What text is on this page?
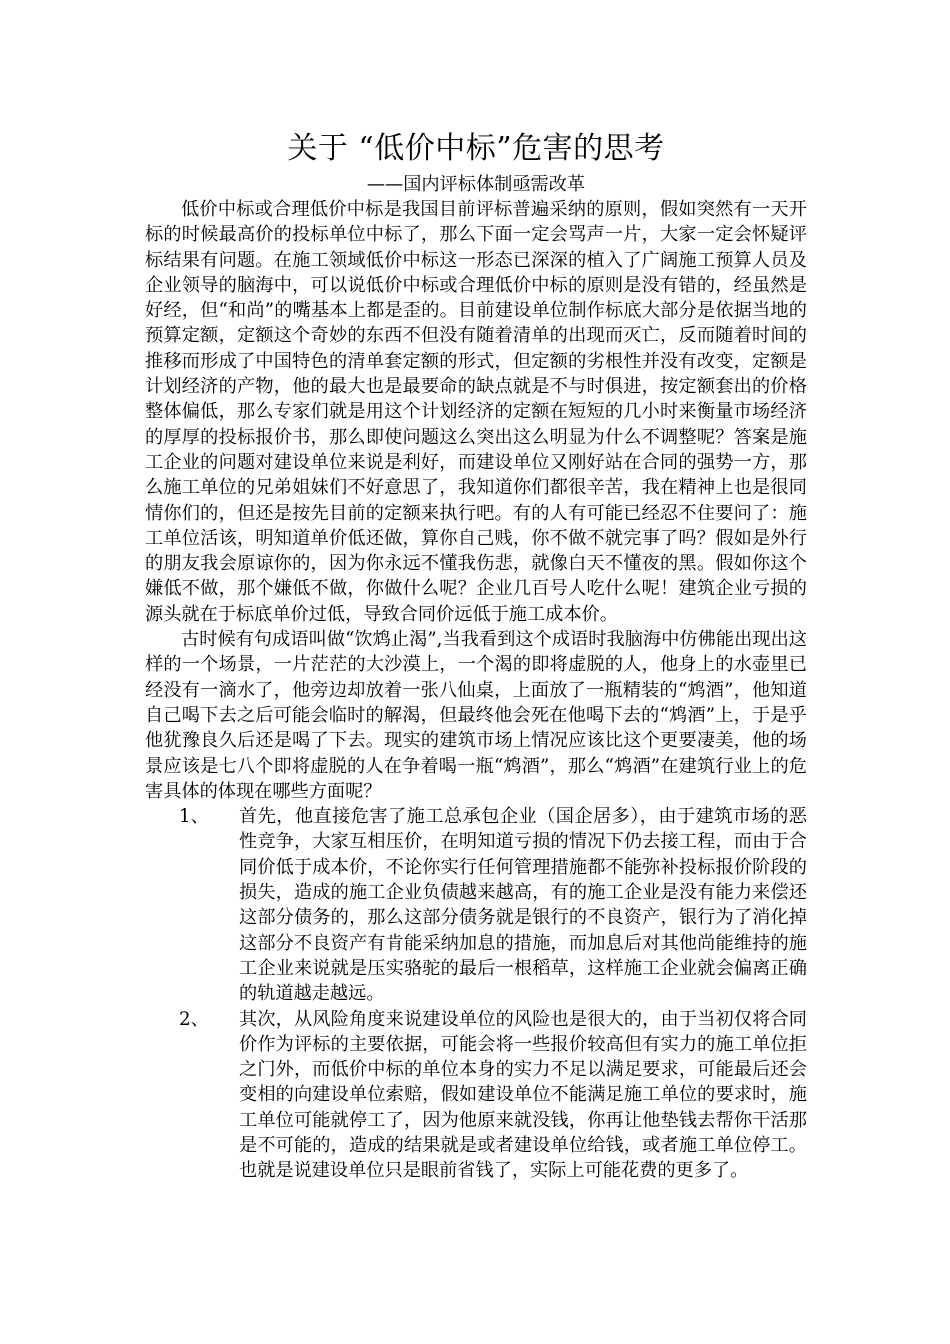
关于 “低价中标”危害的思考
——国内评标体制亟需改革

低价中标或合理低价中标是我国目前评标普遍采纳的原则，假如突然有一天开标的时候最高价的投标单位中标了，那么下面一定会骂声一片，大家一定会怀疑评标结果有问题。在施工领域低价中标这一形态已深深的植入了广阔施工预算人员及企业领导的脑海中，可以说低价中标或合理低价中标的原则是没有错的，经虽然是好经，但“和尚”的嘴基本上都是歪的。目前建设单位制作标底大部分是依据当地的预算定额，定额这个奇妙的东西不但没有随着清单的出现而灭亡，反而随着时间的推移而形成了中国特色的清单套定额的形式，但定额的劣根性并没有改变，定额是计划经济的产物，他的最大也是最要命的缺点就是不与时俱进，按定额套出的价格整体偏低，那么专家们就是用这个计划经济的定额在短短的几小时来衡量市场经济的厚厚的投标报价书，那么即使问题这么突出这么明显为什么不调整呢？答案是施工企业的问题对建设单位来说是利好，而建设单位又刚好站在合同的强势一方，那么施工单位的兄弟姐妹们不好意思了，我知道你们都很辛苦，我在精神上也是很同情你们的，但还是按先目前的定额来执行吧。有的人有可能已经忍不住要问了：施工单位活该，明知道单价低还做，算你自己贱，你不做不就完事了吗？假如是外行的朋友我会原谅你的，因为你永远不懂我伤悲，就像白天不懂夜的黑。假如你这个嫌低不做，那个嫌低不做，你做什么呢？企业几百号人吃什么呢！建筑企业亏损的源头就在于标底单价过低，导致合同价远低于施工成本价。

古时候有句成语叫做“饮鸩止渴”,当我看到这个成语时我脑海中仿佛能出现出这样的一个场景，一片茫茫的大沙漠上，一个渴的即将虚脱的人，他身上的水壶里已经没有一滴水了，他旁边却放着一张八仙桌，上面放了一瓶精装的“鸩酒”，他知道自己喝下去之后可能会临时的解渴，但最终他会死在他喝下去的“鸩酒”上，于是乎他犹豫良久后还是喝了下去。现实的建筑市场上情况应该比这个更要凄美，他的场景应该是七八个即将虚脱的人在争着喝一瓶“鸩酒”，那么“鸩酒”在建筑行业上的危害具体的体现在哪些方面呢？

1、	首先，他直接危害了施工总承包企业（国企居多），由于建筑市场的恶性竞争，大家互相压价，在明知道亏损的情况下仍去接工程，而由于合同价低于成本价，不论你实行任何管理措施都不能弥补投标报价阶段的损失，造成的施工企业负债越来越高，有的施工企业是没有能力来偿还这部分债务的，那么这部分债务就是银行的不良资产，银行为了消化掉这部分不良资产有肯能采纳加息的措施，而加息后对其他尚能维持的施工企业来说就是压实骆驼的最后一根稻草，这样施工企业就会偏离正确的轨道越走越远。
2、	其次，从风险角度来说建设单位的风险也是很大的，由于当初仅将合同价作为评标的主要依据，可能会将一些报价较高但有实力的施工单位拒之门外，而低价中标的单位本身的实力不足以满足要求，可能最后还会变相的向建设单位索赔，假如建设单位不能满足施工单位的要求时，施工单位可能就停工了，因为他原来就没钱，你再让他垫钱去帮你干活那是不可能的，造成的结果就是或者建设单位给钱，或者施工单位停工。也就是说建设单位只是眼前省钱了，实际上可能花费的更多了。
